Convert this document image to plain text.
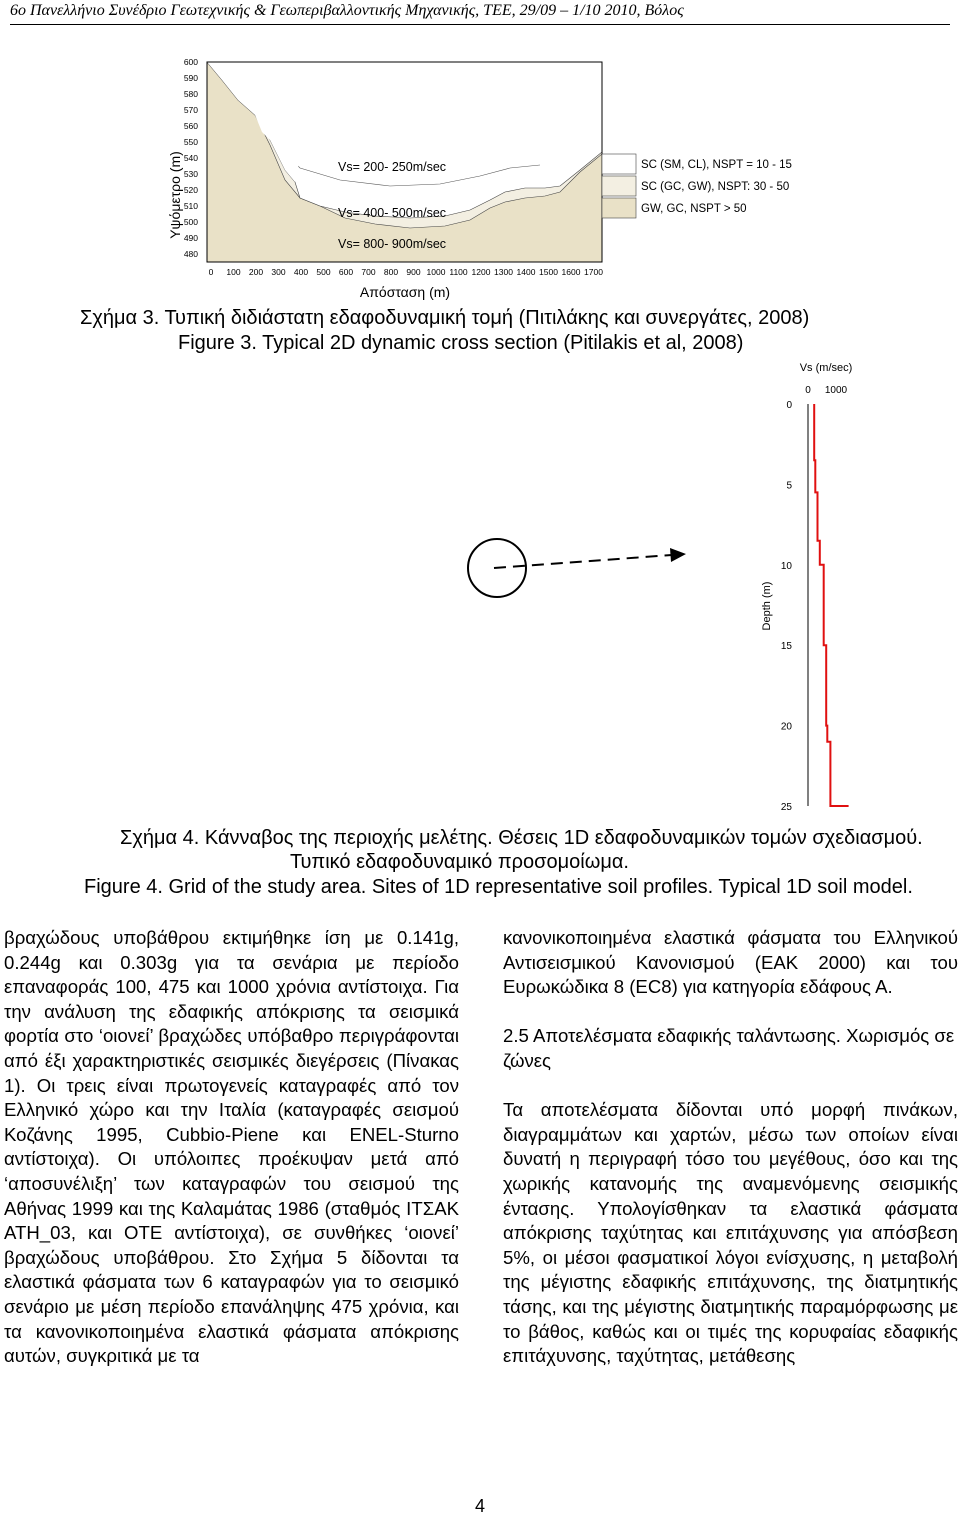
6ο Πανελλήνιο Συνέδριο Γεωτεχνικής & Γεωπεριβαλλοντικής Μηχανικής, ΤΕΕ, 29/09 – 1/10 2010, Βόλος
Υψόμετρο (m)
600
590
580
570
560
550
540
530
520
510
500
490
480
0 100 200 300 400 500 600 700 800 900 1000 1100 1200 1300 1400 1500 1600 1700
Vs= 200- 250m/sec
Vs= 400- 500m/sec
Vs= 800- 900m/sec
SC (SM, CL), NSPT = 10 - 15
SC (GC, GW), NSPT: 30 - 50
GW, GC, NSPT > 50
Απόσταση (m)
Σχήμα 3. Τυπική διδιάστατη εδαφοδυναμική τομή (Πιτιλάκης και συνεργάτες, 2008)
Figure 3. Typical 2D dynamic cross section (Pitilakis et al, 2008)
Vs (m/sec)
0 1000
0
5
10
15
20
25
Depth (m)
Σχήμα 4. Κάνναβος της περιοχής μελέτης. Θέσεις 1D εδαφοδυναμικών τομών σχεδιασμού.
Τυπικό εδαφοδυναμικό προσομοίωμα.
Figure 4. Grid of the study area. Sites of 1D representative soil profiles. Typical 1D soil model.

βραχώδους υποβάθρου εκτιμήθηκε ίση με 0.141g, 0.244g και 0.303g για τα σενάρια με περίοδο επαναφοράς 100, 475 και 1000 χρόνια αντίστοιχα. Για την ανάλυση της εδαφικής απόκρισης τα σεισμικά φορτία στο ‘οιονεί’ βραχώδες υπόβαθρο περιγράφονται από έξι χαρακτηριστικές σεισμικές διεγέρσεις (Πίνακας 1). Οι τρεις είναι πρωτογενείς καταγραφές από τον Ελληνικό χώρο και την Ιταλία (καταγραφές σεισμού Κοζάνης 1995, Cubbio-Piene και ENEL-Sturno αντίστοιχα). Οι υπόλοιπες προέκυψαν μετά από ‘αποσυνέλιξη’ των καταγραφών του σεισμού της Αθήνας 1999 και της Καλαμάτας 1986 (σταθμός ΙΤΣΑΚ ATH_03, και ΟΤΕ αντίστοιχα), σε συνθήκες ‘οιονεί’ βραχώδους υποβάθρου. Στο Σχήμα 5 δίδονται τα ελαστικά φάσματα των 6 καταγραφών για το σεισμικό σενάριο με μέση περίοδο επανάληψης 475 χρόνια, και τα κανονικοποιημένα ελαστικά φάσματα απόκρισης αυτών, συγκριτικά με τα

κανονικοποιημένα ελαστικά φάσματα του Ελληνικού Αντισεισμικού Κανονισμού (ΕΑΚ 2000) και του Ευρωκώδικα 8 (EC8) για κατηγορία εδάφους Α.

2.5 Αποτελέσματα εδαφικής ταλάντωσης. Χωρισμός σε ζώνες

Τα αποτελέσματα δίδονται υπό μορφή πινάκων, διαγραμμάτων και χαρτών, μέσω των οποίων είναι δυνατή η περιγραφή τόσο του μεγέθους, όσο και της χωρικής κατανομής της αναμενόμενης σεισμικής έντασης. Υπολογίσθηκαν τα ελαστικά φάσματα απόκρισης ταχύτητας και επιτάχυνσης για απόσβεση 5%, οι μέσοι φασματικοί λόγοι ενίσχυσης, η μεταβολή της μέγιστης εδαφικής επιτάχυνσης, της διατμητικής τάσης, και της μέγιστης διατμητικής παραμόρφωσης με το βάθος, καθώς και οι τιμές της κορυφαίας εδαφικής επιτάχυνσης, ταχύτητας, μετάθεσης

4
